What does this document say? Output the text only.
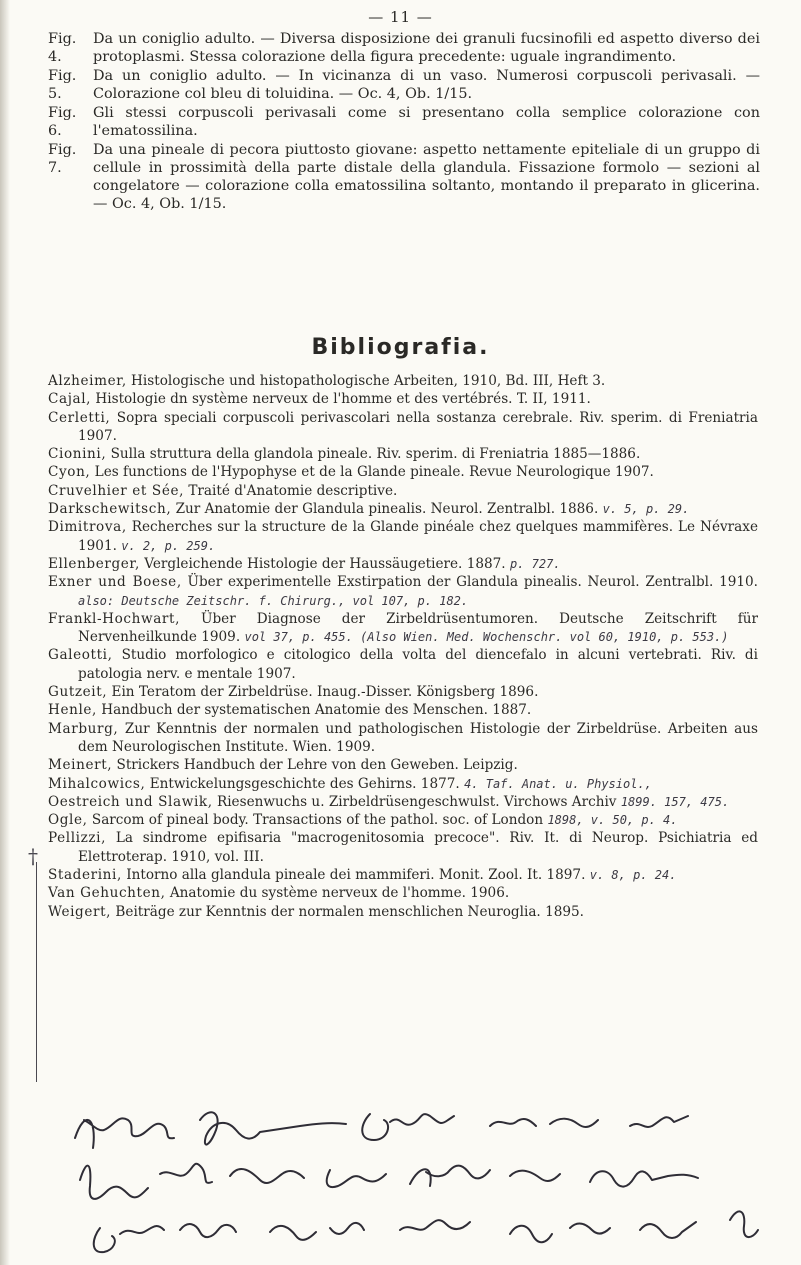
— 11 —
Fig. 4.
Da un coniglio adulto. — Diversa disposizione dei granuli fucsinofili ed aspetto diverso dei protoplasmi. Stessa colorazione della figura precedente: uguale ingrandimento.
Fig. 5.
Da un coniglio adulto. — In vicinanza di un vaso. Numerosi corpuscoli perivasali. — Colorazione col bleu di toluidina. — Oc. 4, Ob. 1/15.
Fig. 6.
Gli stessi corpuscoli perivasali come si presentano colla semplice colorazione con l'ematossilina.
Fig. 7.
Da una pineale di pecora piuttosto giovane: aspetto nettamente epiteliale di un gruppo di cellule in prossimità della parte distale della glandula. Fissazione formolo — sezioni al congelatore — colorazione colla ematossilina soltanto, montando il preparato in glicerina. — Oc. 4, Ob. 1/15.
Bibliografia.
Alzheimer, Histologische und histopathologische Arbeiten, 1910, Bd. III, Heft 3.
Cajal, Histologie dn système nerveux de l'homme et des vertébrés. T. II, 1911.
Cerletti, Sopra speciali corpuscoli perivascolari nella sostanza cerebrale. Riv. sperim. di Freniatria 1907.
Cionini, Sulla struttura della glandola pineale. Riv. sperim. di Freniatria 1885—1886.
Cyon, Les functions de l'Hypophyse et de la Glande pineale. Revue Neurologique 1907.
Cruvelhier et Sée, Traité d'Anatomie descriptive.
Darkschewitsch, Zur Anatomie der Glandula pinealis. Neurol. Zentralbl. 1886. v. 5, p. 29.
Dimitrova, Recherches sur la structure de la Glande pinéale chez quelques mammifères. Le Névraxe 1901. v. 2, p. 259.
Ellenberger, Vergleichende Histologie der Haussäugetiere. 1887. p. 727.
Exner und Boese, Über experimentelle Exstirpation der Glandula pinealis. Neurol. Zentralbl. 1910. also: Deutsche Zeitschr. f. Chirurg., vol 107, p. 182.
Frankl-Hochwart, Über Diagnose der Zirbeldrüsentumoren. Deutsche Zeitschrift für Nervenheilkunde 1909. vol 37, p. 455. (Also Wien. Med. Wochenschr. vol 60, 1910, p. 553.)
Galeotti, Studio morfologico e citologico della volta del diencefalo in alcuni vertebrati. Riv. di patologia nerv. e mentale 1907.
Gutzeit, Ein Teratom der Zirbeldrüse. Inaug.-Disser. Königsberg 1896.
Henle, Handbuch der systematischen Anatomie des Menschen. 1887.
Marburg, Zur Kenntnis der normalen und pathologischen Histologie der Zirbeldrüse. Arbeiten aus dem Neurologischen Institute. Wien. 1909.
Meinert, Strickers Handbuch der Lehre von den Geweben. Leipzig.
Mihalcowics, Entwickelungsgeschichte des Gehirns. 1877. 4. Taf. Anat. u. Physiol.,
Oestreich und Slawik, Riesenwuchs u. Zirbeldrüsengeschwulst. Virchows Archiv 1899. 157, 475.
Ogle, Sarcom of pineal body. Transactions of the pathol. soc. of London 1898, v. 50, p. 4.
Pellizzi, La sindrome epifisaria "macrogenitosomia precoce". Riv. It. di Neurop. Psichiatria ed Elettroterap. 1910, vol. III.
Staderini, Intorno alla glandula pineale dei mammiferi. Monit. Zool. It. 1897. v. 8, p. 24.
Van Gehuchten, Anatomie du système nerveux de l'homme. 1906.
Weigert, Beiträge zur Kenntnis der normalen menschlichen Neuroglia. 1895.
†
